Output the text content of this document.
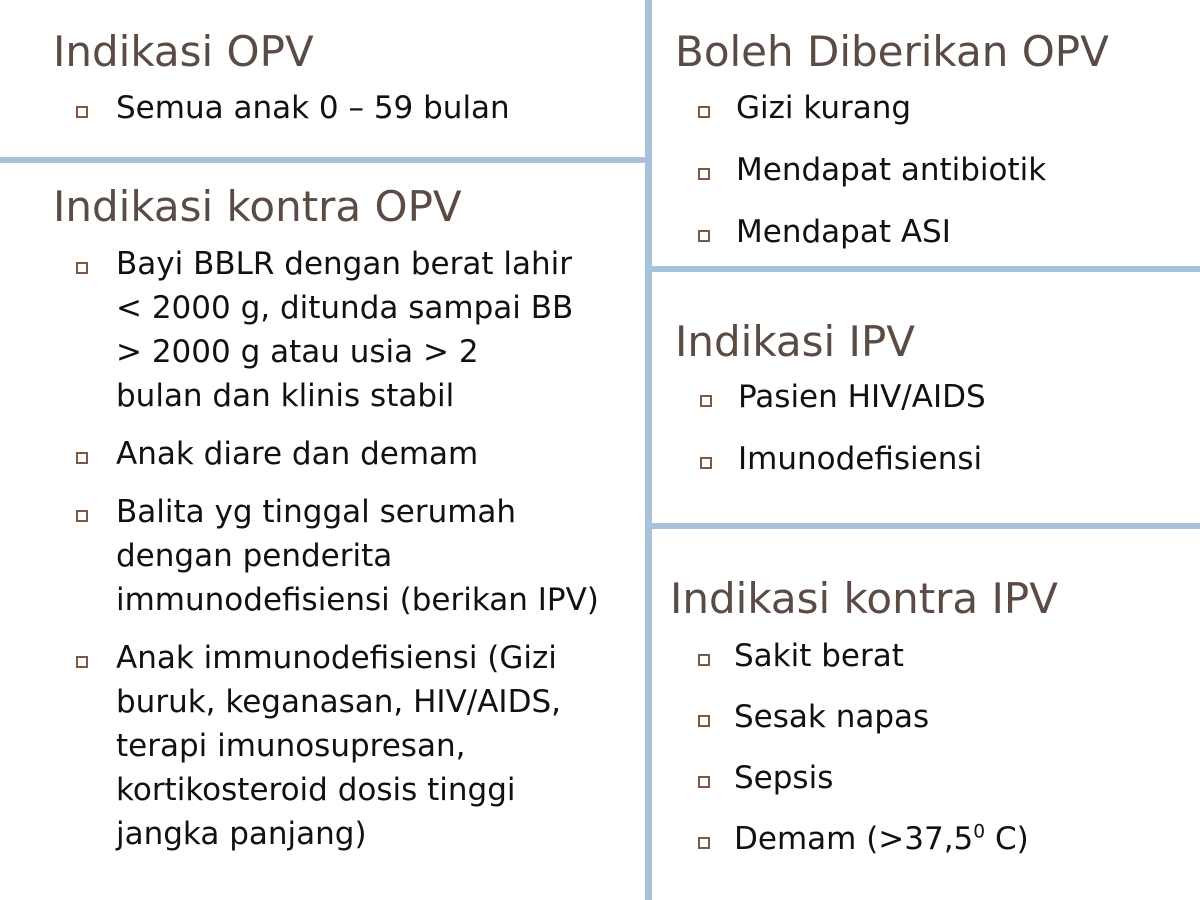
Indikasi OPV
Semua anak 0 – 59 bulan
Indikasi kontra OPV
Bayi BBLR dengan berat lahir
< 2000 g, ditunda sampai BB
> 2000 g atau usia > 2
bulan dan klinis stabil
Anak diare dan demam
Balita yg tinggal serumah
dengan penderita
immunodefisiensi (berikan IPV)
Anak immunodefisiensi (Gizi
buruk, keganasan, HIV/AIDS,
terapi imunosupresan,
kortikosteroid dosis tinggi
jangka panjang)
Boleh Diberikan OPV
Gizi kurang
Mendapat antibiotik
Mendapat ASI
Indikasi IPV
Pasien HIV/AIDS
Imunodefisiensi
Indikasi kontra IPV
Sakit berat
Sesak napas
Sepsis
Demam ($>37,5^0$ C)
